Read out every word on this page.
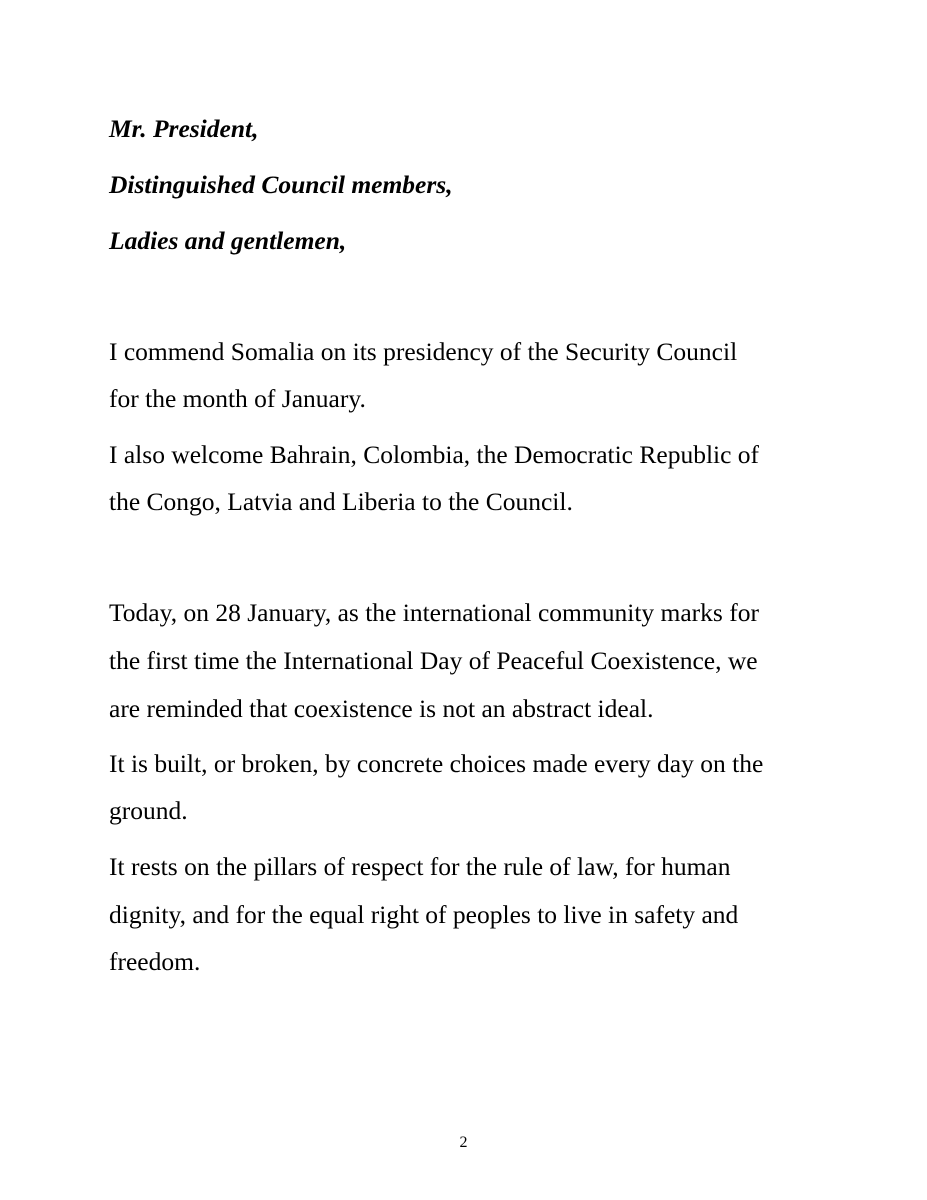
Mr. President,

Distinguished Council members,

Ladies and gentlemen,

I commend Somalia on its presidency of the Security Council

for the month of January.

I also welcome Bahrain, Colombia, the Democratic Republic of

the Congo, Latvia and Liberia to the Council.

Today, on 28 January, as the international community marks for

the first time the International Day of Peaceful Coexistence, we

are reminded that coexistence is not an abstract ideal.

It is built, or broken, by concrete choices made every day on the

ground.

It rests on the pillars of respect for the rule of law, for human

dignity, and for the equal right of peoples to live in safety and

freedom.

2
